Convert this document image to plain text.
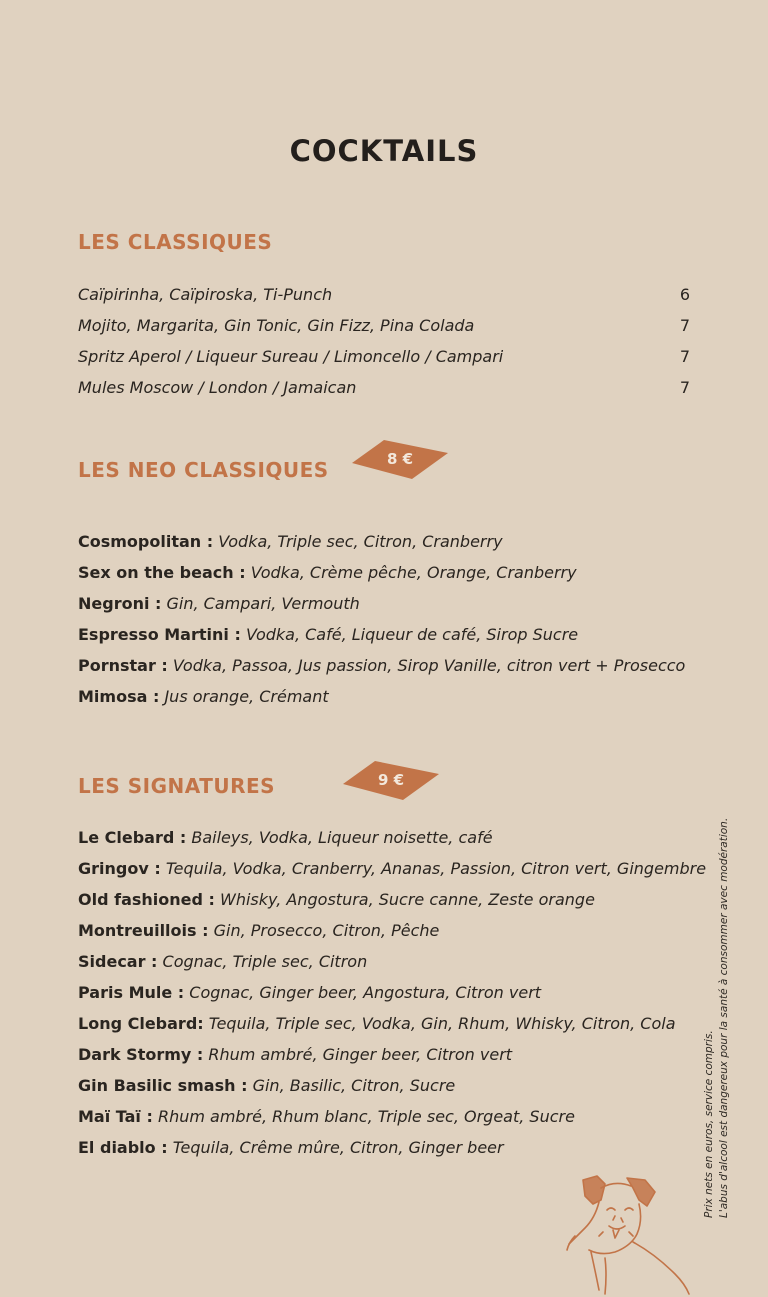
COCKTAILS
LES CLASSIQUES
Caïpirinha, Caïpiroska, Ti-Punch	6
Mojito, Margarita, Gin Tonic, Gin Fizz, Pina Colada	7
Spritz Aperol / Liqueur Sureau / Limoncello / Campari	7
Mules Moscow / London / Jamaican	7
LES NEO CLASSIQUES	8 €
Cosmopolitan : Vodka, Triple sec, Citron, Cranberry
Sex on the beach : Vodka, Crème pêche, Orange, Cranberry
Negroni : Gin, Campari, Vermouth
Espresso Martini : Vodka, Café, Liqueur de café, Sirop Sucre
Pornstar : Vodka, Passoa, Jus passion, Sirop Vanille, citron vert + Prosecco
Mimosa : Jus orange, Crémant
LES SIGNATURES	9 €
Le Clebard : Baileys, Vodka, Liqueur noisette, café
Gringov : Tequila, Vodka, Cranberry, Ananas, Passion, Citron vert, Gingembre
Old fashioned : Whisky, Angostura, Sucre canne, Zeste orange
Montreuillois : Gin, Prosecco, Citron, Pêche
Sidecar : Cognac, Triple sec, Citron
Paris Mule : Cognac, Ginger beer, Angostura, Citron vert
Long Clebard: Tequila, Triple sec, Vodka, Gin, Rhum, Whisky, Citron, Cola
Dark Stormy : Rhum ambré, Ginger beer, Citron vert
Gin Basilic smash : Gin, Basilic, Citron, Sucre
Maï Taï : Rhum ambré, Rhum blanc, Triple sec, Orgeat, Sucre
El diablo : Tequila, Crême mûre, Citron, Ginger beer	Prix nets en euros, service compris. L'abus d'alcool est dangereux pour la santé à consommer avec modération.
